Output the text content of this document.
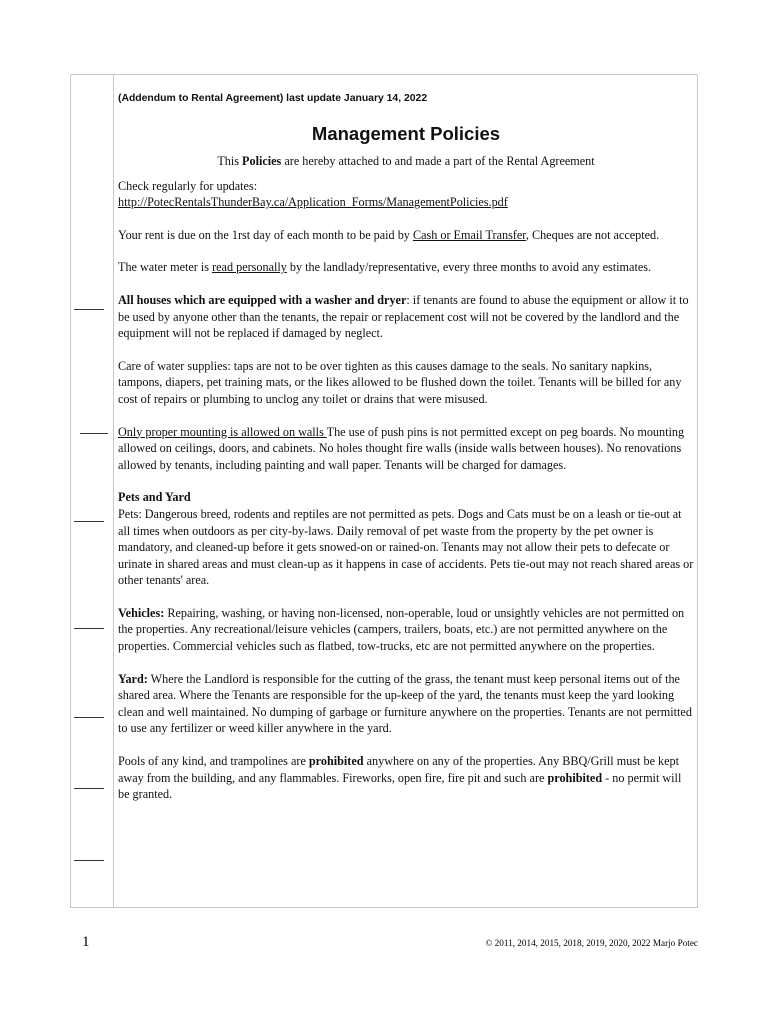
(Addendum to Rental Agreement) last update January 14, 2022
Management Policies
This Policies are hereby attached to and made a part of the Rental Agreement

Check regularly for updates:
http://PotecRentalsThunderBay.ca/Application_Forms/ManagementPolicies.pdf

Your rent is due on the 1rst day of each month to be paid by Cash or Email Transfer, Cheques are not accepted.

The water meter is read personally by the landlady/representative, every three months to avoid any estimates.

All houses which are equipped with a washer and dryer: if tenants are found to abuse the equipment or allow it to be used by anyone other than the tenants, the repair or replacement cost will not be covered by the landlord and the equipment will not be replaced if damaged by neglect.

Care of water supplies: taps are not to be over tighten as this causes damage to the seals. No sanitary napkins, tampons, diapers, pet training mats, or the likes allowed to be flushed down the toilet. Tenants will be billed for any cost of repairs or plumbing to unclog any toilet or drains that were misused.

Only proper mounting is allowed on walls The use of push pins is not permitted except on peg boards. No mounting allowed on ceilings, doors, and cabinets. No holes thought fire walls (inside walls between houses). No renovations allowed by tenants, including painting and wall paper. Tenants will be charged for damages.

Pets and Yard
Pets: Dangerous breed, rodents and reptiles are not permitted as pets. Dogs and Cats must be on a leash or tie-out at all times when outdoors as per city-by-laws. Daily removal of pet waste from the property by the pet owner is mandatory, and cleaned-up before it gets snowed-on or rained-on. Tenants may not allow their pets to defecate or urinate in shared areas and must clean-up as it happens in case of accidents. Pets tie-out may not reach shared areas or other tenants' area.

Vehicles: Repairing, washing, or having non-licensed, non-operable, loud or unsightly vehicles are not permitted on the properties. Any recreational/leisure vehicles (campers, trailers, boats, etc.) are not permitted anywhere on the properties. Commercial vehicles such as flatbed, tow-trucks, etc are not permitted anywhere on the properties.

Yard: Where the Landlord is responsible for the cutting of the grass, the tenant must keep personal items out of the shared area. Where the Tenants are responsible for the up-keep of the yard, the tenants must keep the yard looking clean and well maintained. No dumping of garbage or furniture anywhere on the properties. Tenants are not permitted to use any fertilizer or weed killer anywhere in the yard.

Pools of any kind, and trampolines are prohibited anywhere on any of the properties. Any BBQ/Grill must be kept away from the building, and any flammables. Fireworks, open fire, fire pit and such are prohibited - no permit will be granted.

1	© 2011, 2014, 2015, 2018, 2019, 2020, 2022 Marjo Potec
